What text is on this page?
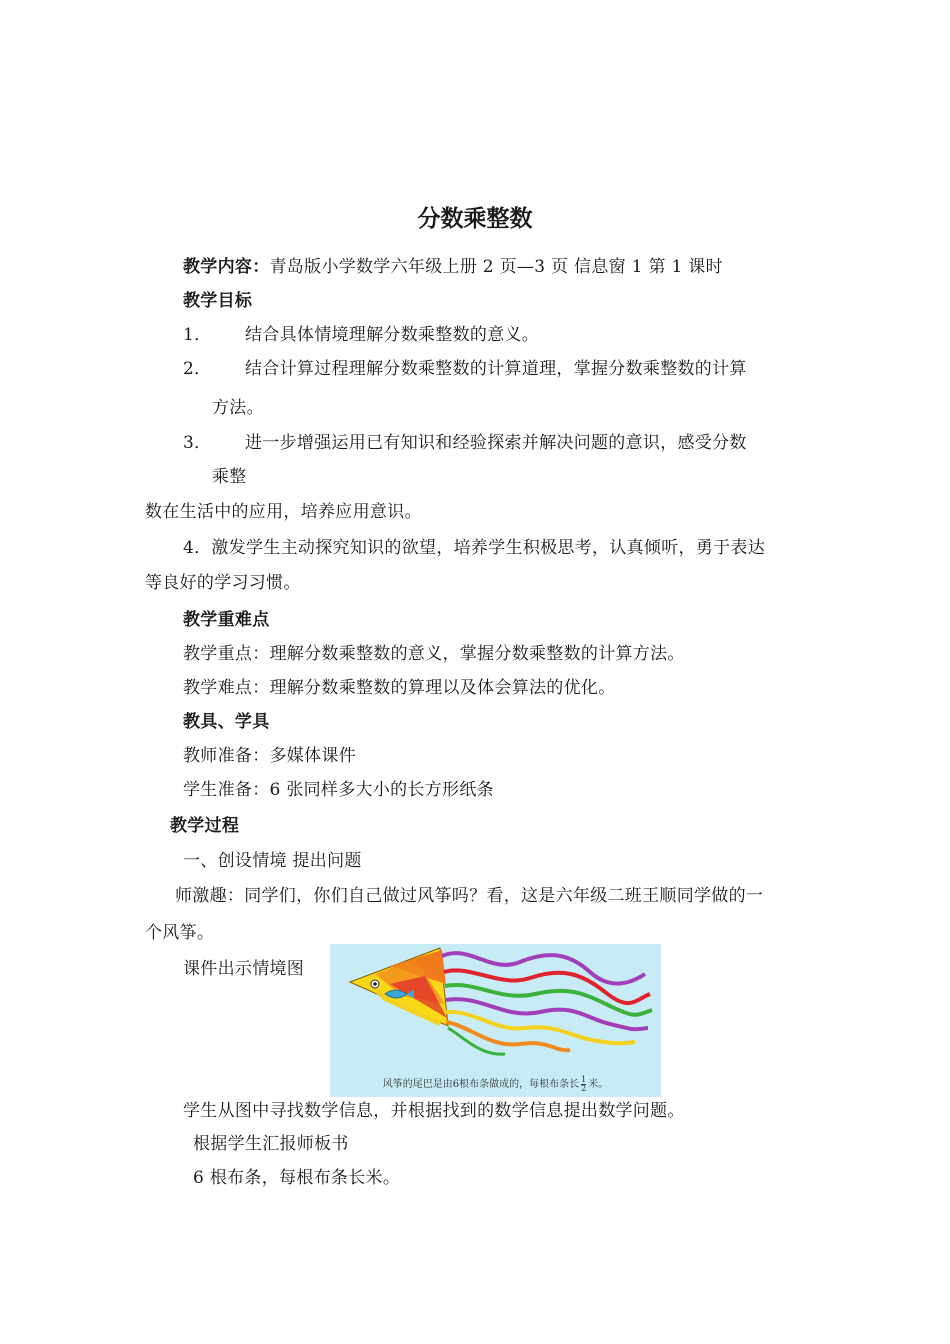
分数乘整数
教学内容：青岛版小学数学六年级上册 2 页—3 页 信息窗 1 第 1 课时
教学目标
1． 结合具体情境理解分数乘整数的意义。
2． 结合计算过程理解分数乘整数的计算道理，掌握分数乘整数的计算
方法。
3． 进一步增强运用已有知识和经验探索并解决问题的意识，感受分数
乘整
数在生活中的应用，培养应用意识。
4．激发学生主动探究知识的欲望，培养学生积极思考，认真倾听，勇于表达
等良好的学习习惯。
教学重难点
教学重点：理解分数乘整数的意义，掌握分数乘整数的计算方法。
教学难点：理解分数乘整数的算理以及体会算法的优化。
教具、学具
教师准备：多媒体课件
学生准备：6 张同样多大小的长方形纸条
教学过程
一、创设情境 提出问题
师激趣：同学们，你们自己做过风筝吗？看，这是六年级二班王顺同学做的一
个风筝。
课件出示情境图
风筝的尾巴是由6根布条做成的，每根布条长 $\frac{1}{2}$ 米。
学生从图中寻找数学信息，并根据找到的数学信息提出数学问题。
根据学生汇报师板书
6 根布条，每根布条长米。
